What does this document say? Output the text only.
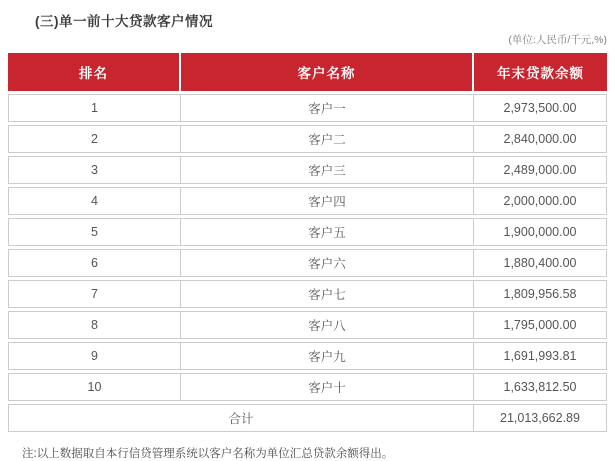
(三)单一前十大贷款客户情况
(单位:人民币/千元,%)
排名	客户名称	年末贷款余额
1	客户一	2,973,500.00
2	客户二	2,840,000.00
3	客户三	2,489,000.00
4	客户四	2,000,000.00
5	客户五	1,900,000.00
6	客户六	1,880,400.00
7	客户七	1,809,956.58
8	客户八	1,795,000.00
9	客户九	1,691,993.81
10	客户十	1,633,812.50
合计	21,013,662.89
注:以上数据取自本行信贷管理系统以客户名称为单位汇总贷款余额得出。
